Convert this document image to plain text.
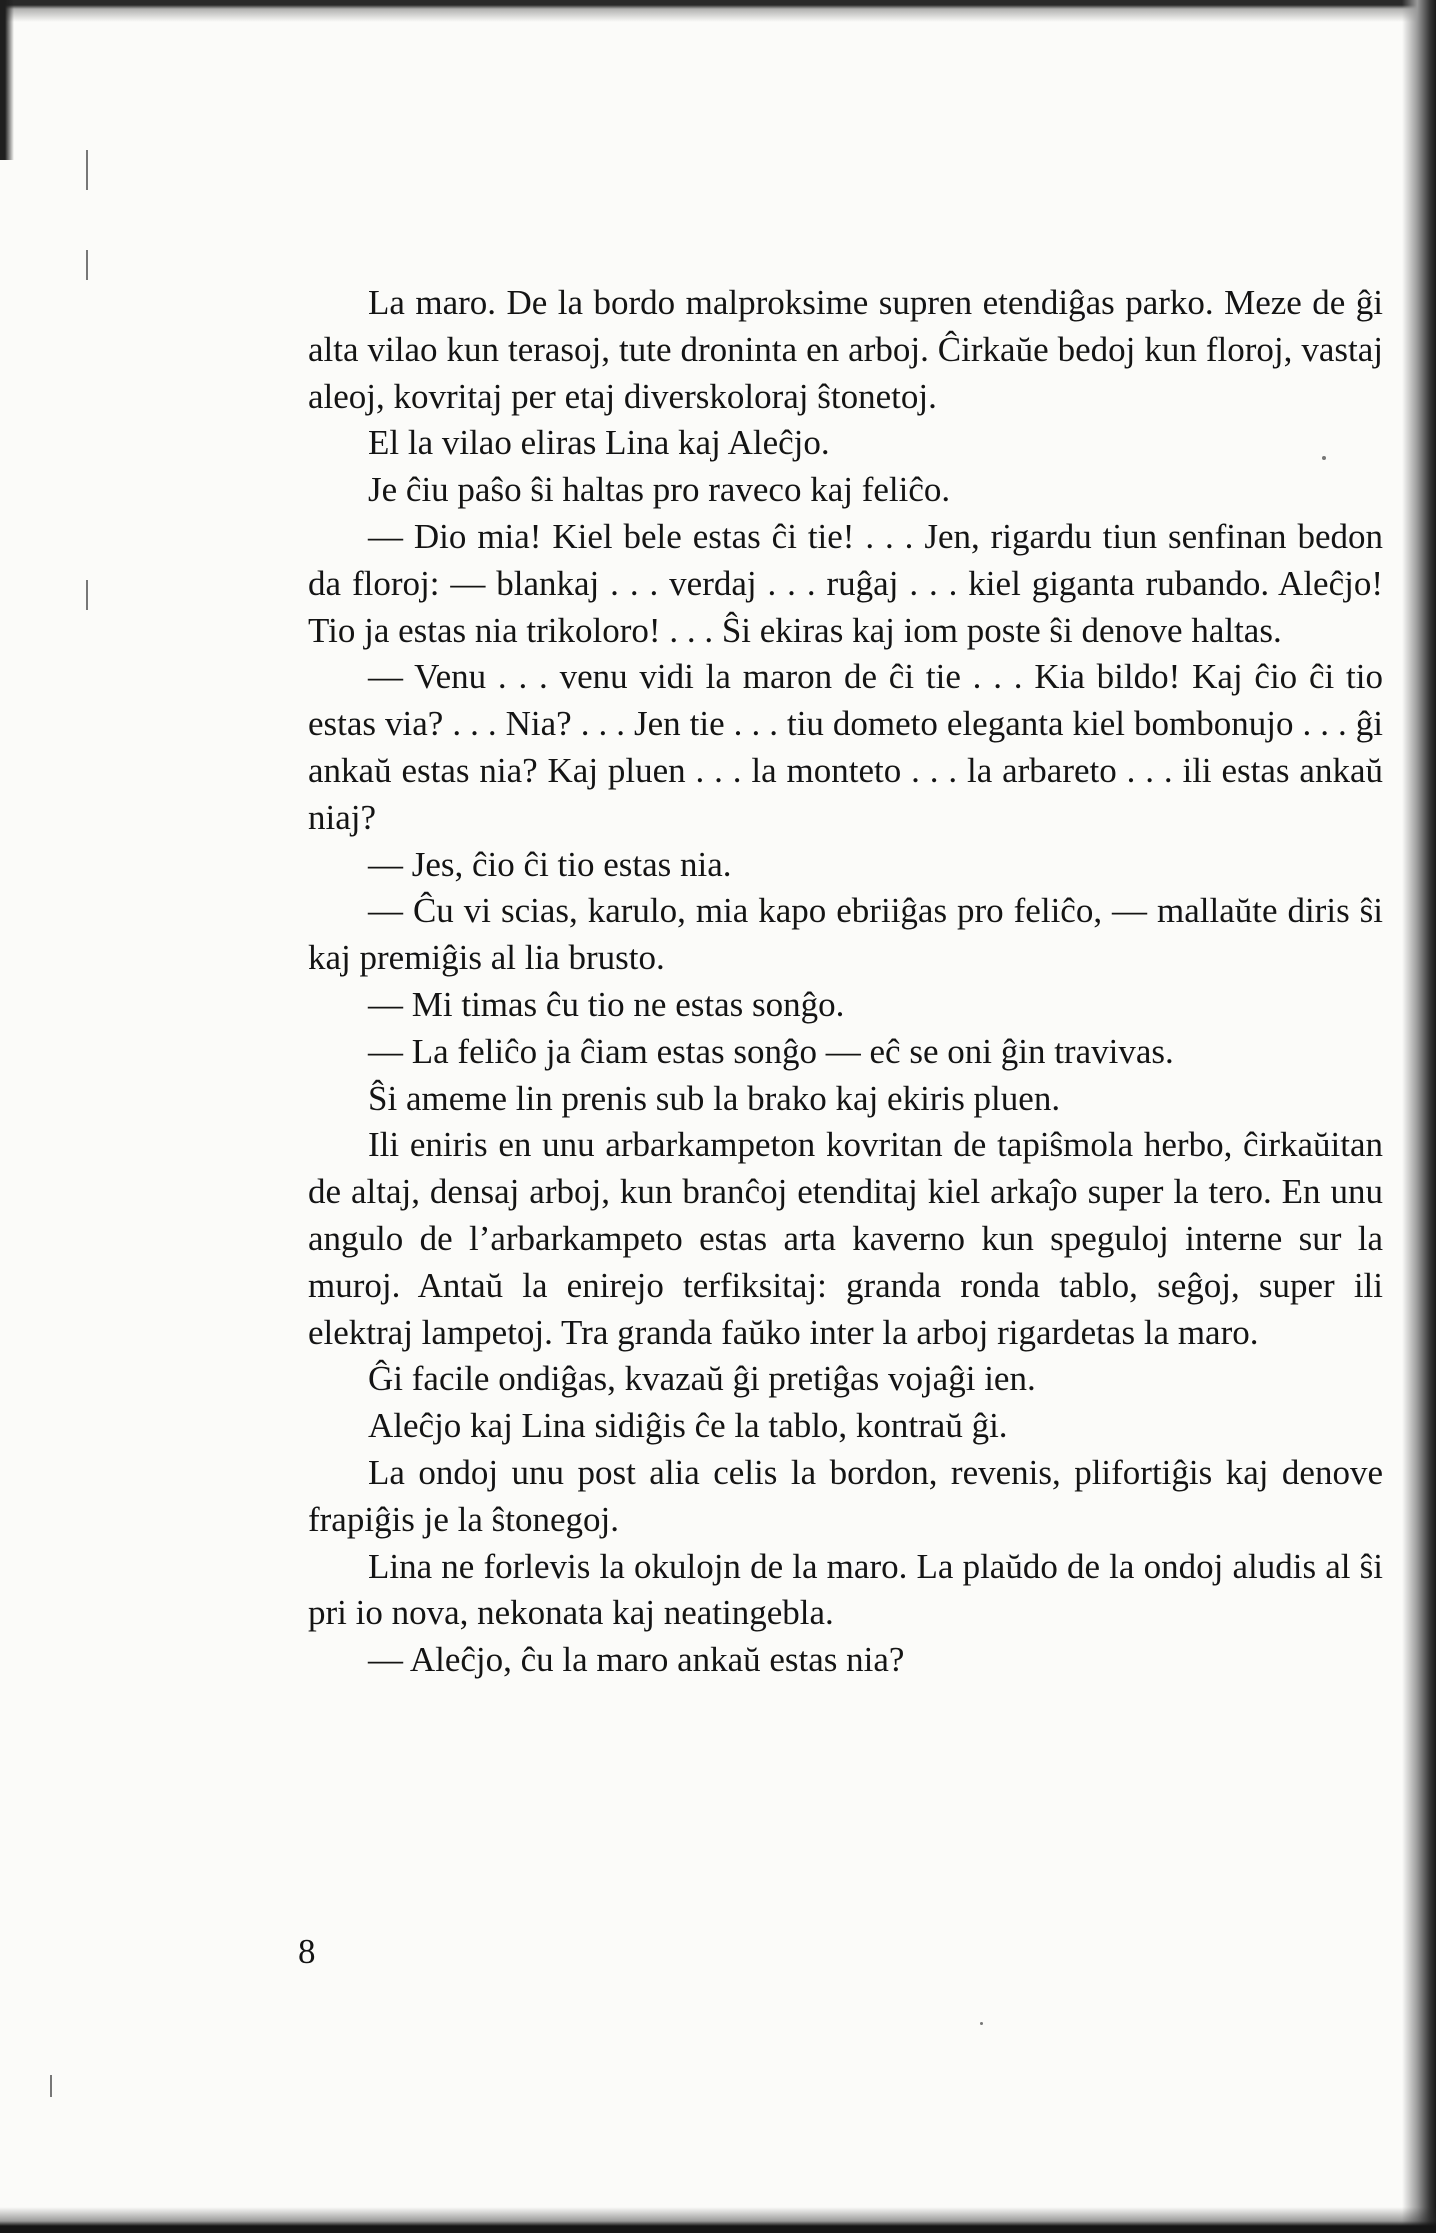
La maro. De la bordo malproksime supren etendiĝas parko. Meze de ĝi alta vilao kun terasoj, tute droninta en arboj. Ĉirkaŭe bedoj kun floroj, vastaj aleoj, kovritaj per etaj diverskoloraj ŝtonetoj.

El la vilao eliras Lina kaj Aleĉjo.

Je ĉiu paŝo ŝi haltas pro raveco kaj feliĉo.

— Dio mia! Kiel bele estas ĉi tie! . . . Jen, rigardu tiun senfinan bedon da floroj: — blankaj . . . verdaj . . . ruĝaj . . . kiel giganta rubando. Aleĉjo! Tio ja estas nia trikoloro! . . . Ŝi ekiras kaj iom poste ŝi denove haltas.

— Venu . . . venu vidi la maron de ĉi tie . . . Kia bildo! Kaj ĉio ĉi tio estas via? . . . Nia? . . . Jen tie . . . tiu dometo eleganta kiel bombonujo . . . ĝi ankaŭ estas nia? Kaj pluen . . . la monteto . . . la arbareto . . . ili estas ankaŭ niaj?

— Jes, ĉio ĉi tio estas nia.

— Ĉu vi scias, karulo, mia kapo ebriiĝas pro feliĉo, — mallaŭte diris ŝi kaj premiĝis al lia brusto.

— Mi timas ĉu tio ne estas sonĝo.

— La feliĉo ja ĉiam estas sonĝo — eĉ se oni ĝin travivas.

Ŝi ameme lin prenis sub la brako kaj ekiris pluen.

Ili eniris en unu arbarkampeton kovritan de tapiŝmola herbo, ĉirkaŭitan de altaj, densaj arboj, kun branĉoj etenditaj kiel arkaĵo super la tero. En unu angulo de l’arbarkampeto estas arta kaverno kun speguloj interne sur la muroj. Antaŭ la enirejo terfiksitaj: granda ronda tablo, seĝoj, super ili elektraj lampetoj. Tra granda faŭko inter la arboj rigardetas la maro.

Ĝi facile ondiĝas, kvazaŭ ĝi pretiĝas vojaĝi ien.

Aleĉjo kaj Lina sidiĝis ĉe la tablo, kontraŭ ĝi.

La ondoj unu post alia celis la bordon, revenis, plifortiĝis kaj denove frapiĝis je la ŝtonegoj.

Lina ne forlevis la okulojn de la maro. La plaŭdo de la ondoj aludis al ŝi pri io nova, nekonata kaj neatingebla.

— Aleĉjo, ĉu la maro ankaŭ estas nia?

8
